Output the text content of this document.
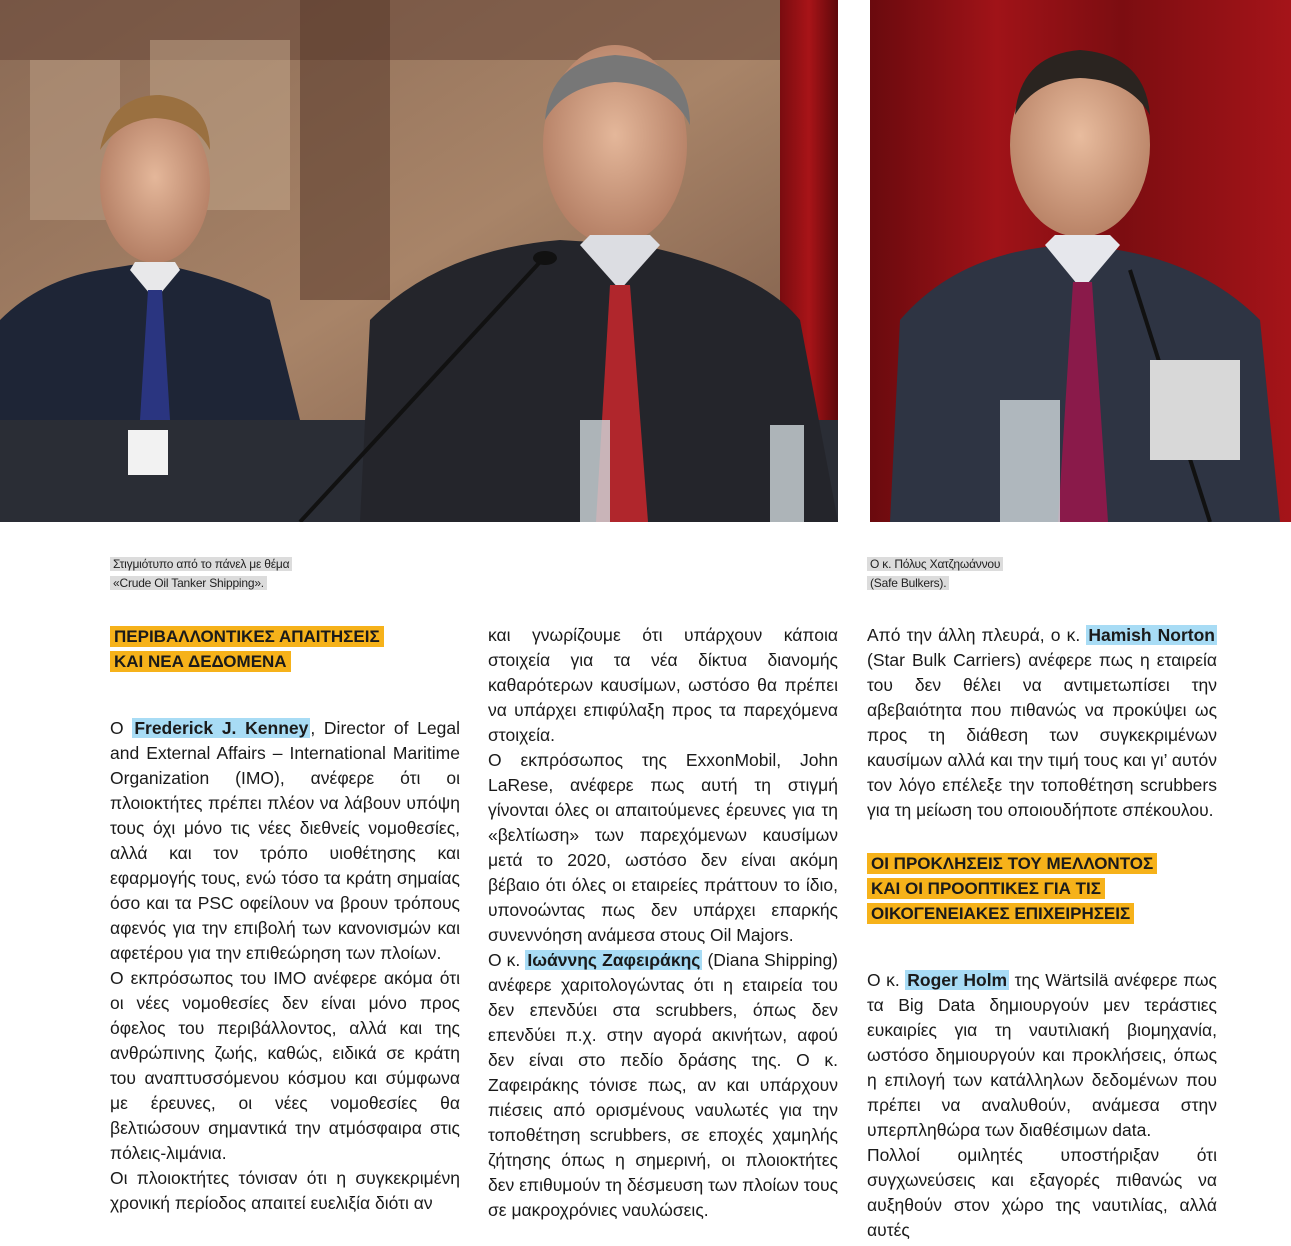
Στιγμιότυπο από το πάνελ με θέμα
«Crude Oil Tanker Shipping».
Ο κ. Πόλυς Χατζηωάννου
(Safe Bulkers).
ΠΕΡΙΒΑΛΛΟΝΤΙΚΕΣ ΑΠΑΙΤΗΣΕΙΣ
ΚΑΙ ΝΕΑ ΔΕΔΟΜΕΝΑ

Ο Frederick J. Kenney , Director of Legal and External Affairs – International Maritime Organization (IMO), ανέφερε ότι οι πλοιοκτήτες πρέπει πλέον να λάβουν υπόψη τους όχι μόνο τις νέες διεθνείς νομοθεσίες, αλλά και τον τρόπο υιοθέτησης και εφαρμογής τους, ενώ τόσο τα κράτη σημαίας όσο και τα PSC οφείλουν να βρουν τρόπους αφενός για την επιβολή των κανονισμών και αφετέρου για την επιθεώρηση των πλοίων.

Ο εκπρόσωπος του IMO ανέφερε ακόμα ότι οι νέες νομοθεσίες δεν είναι μόνο προς όφελος του περιβάλλοντος, αλλά και της ανθρώπινης ζωής, καθώς, ειδικά σε κράτη του αναπτυσσόμενου κόσμου και σύμφωνα με έρευνες, οι νέες νομοθεσίες θα βελτιώσουν σημαντικά την ατμόσφαιρα στις πόλεις-λιμάνια.

Οι πλοιοκτήτες τόνισαν ότι η συγκεκριμένη χρονική περίοδος απαιτεί ευελιξία διότι αν

και γνωρίζουμε ότι υπάρχουν κάποια στοιχεία για τα νέα δίκτυα διανομής καθαρότερων καυσίμων, ωστόσο θα πρέπει να υπάρχει επιφύλαξη προς τα παρεχόμενα στοιχεία.

Ο εκπρόσωπος της ExxonMobil, John LaRese, ανέφερε πως αυτή τη στιγμή γίνονται όλες οι απαιτούμενες έρευνες για τη «βελτίωση» των παρεχόμενων καυσίμων μετά το 2020, ωστόσο δεν είναι ακόμη βέβαιο ότι όλες οι εταιρείες πράττουν το ίδιο, υπονοώντας πως δεν υπάρχει επαρκής συνεννόηση ανάμεσα στους Oil Majors.

Ο κ. Ιωάννης Ζαφειράκης (Diana Shipping) ανέφερε χαριτολογώντας ότι η εταιρεία του δεν επενδύει στα scrubbers, όπως δεν επενδύει π.χ. στην αγορά ακινήτων, αφού δεν είναι στο πεδίο δράσης της. Ο κ. Ζαφειράκης τόνισε πως, αν και υπάρχουν πιέσεις από ορισμένους ναυλωτές για την τοποθέτηση scrubbers, σε εποχές χαμηλής ζήτησης όπως η σημερινή, οι πλοιοκτήτες δεν επιθυμούν τη δέσμευση των πλοίων τους σε μακροχρόνιες ναυλώσεις.

Από την άλλη πλευρά, ο κ. Hamish Norton (Star Bulk Carriers) ανέφερε πως η εταιρεία του δεν θέλει να αντιμετωπίσει την αβεβαιότητα που πιθανώς να προκύψει ως προς τη διάθεση των συγκεκριμένων καυσίμων αλλά και την τιμή τους και γι’ αυτόν τον λόγο επέλεξε την τοποθέτηση scrubbers για τη μείωση του οποιουδήποτε σπέκουλου.

ΟΙ ΠΡΟΚΛΗΣΕΙΣ ΤΟΥ ΜΕΛΛΟΝΤΟΣ
ΚΑΙ ΟΙ ΠΡΟΟΠΤΙΚΕΣ ΓΙΑ ΤΙΣ
ΟΙΚΟΓΕΝΕΙΑΚΕΣ ΕΠΙΧΕΙΡΗΣΕΙΣ

Ο κ. Roger Holm της Wärtsilä ανέφερε πως τα Big Data δημιουργούν μεν τεράστιες ευκαιρίες για τη ναυτιλιακή βιομηχανία, ωστόσο δημιουργούν και προκλήσεις, όπως η επιλογή των κατάλληλων δεδομένων που πρέπει να αναλυθούν, ανάμεσα στην υπερπληθώρα των διαθέσιμων data.

Πολλοί ομιλητές υποστήριξαν ότι συγχωνεύσεις και εξαγορές πιθανώς να αυξηθούν στον χώρο της ναυτιλίας, αλλά αυτές
